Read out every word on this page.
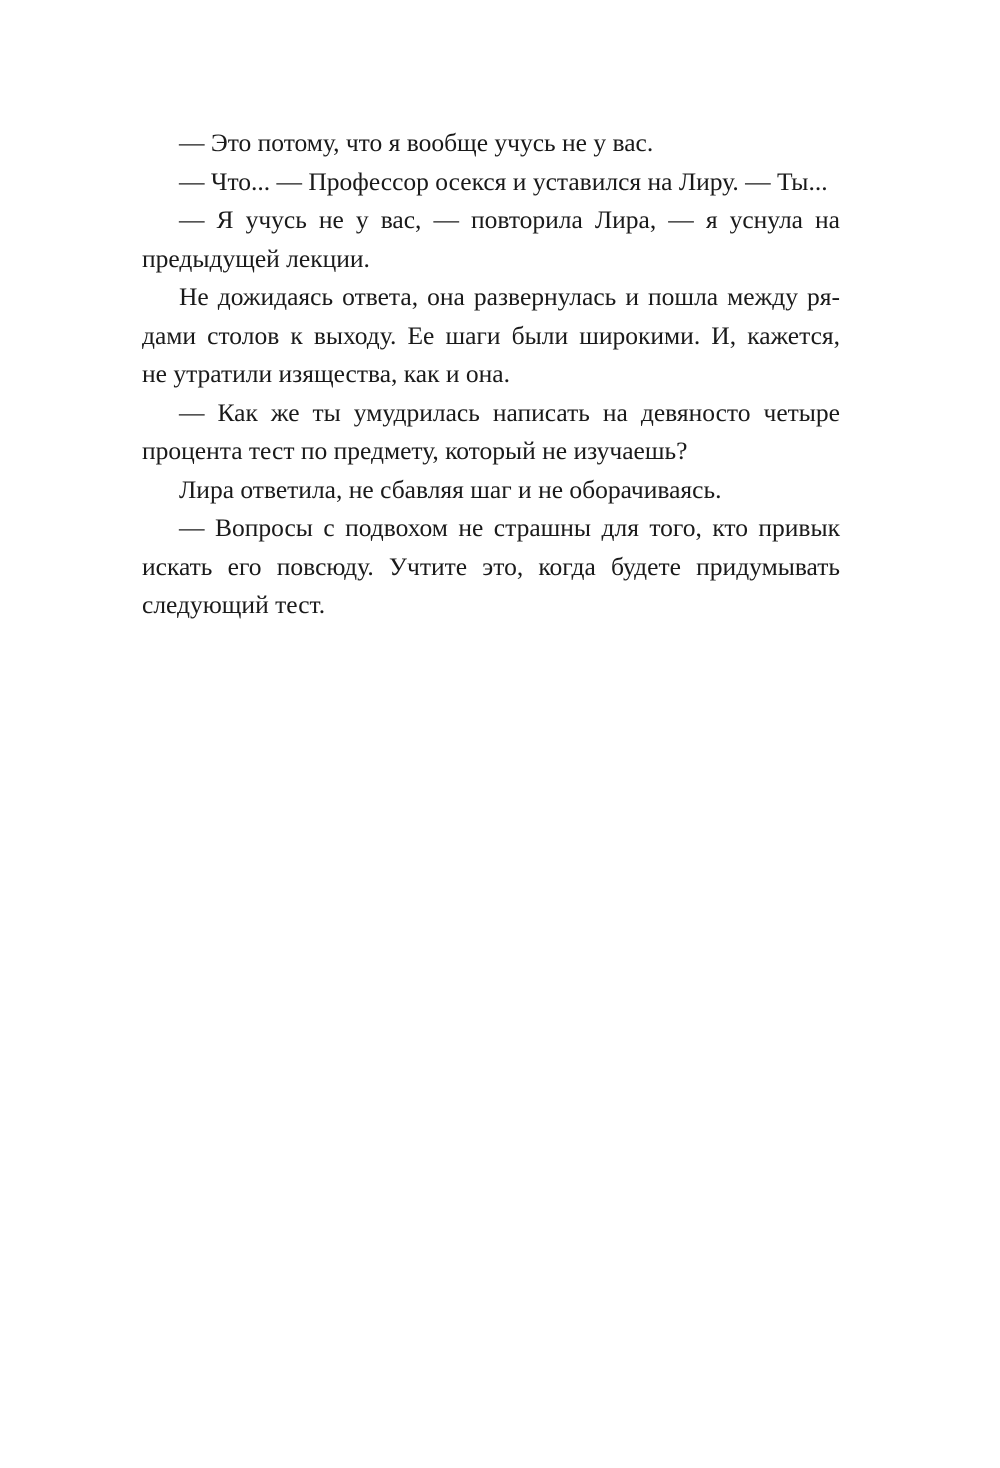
— Это потому, что я вообще учусь не у вас.
— Что... — Профессор осекся и уставился на Лиру. — Ты...
— Я учусь не у вас, — повторила Лира, — я уснула на
предыдущей лекции.
Не дожидаясь ответа, она развернулась и пошла между ря-
дами столов к выходу. Ее шаги были широкими. И, кажется,
не утратили изящества, как и она.
— Как же ты умудрилась написать на девяносто четыре
процента тест по предмету, который не изучаешь?
Лира ответила, не сбавляя шаг и не оборачиваясь.
— Вопросы с подвохом не страшны для того, кто привык
искать его повсюду. Учтите это, когда будете придумывать
следующий тест.
